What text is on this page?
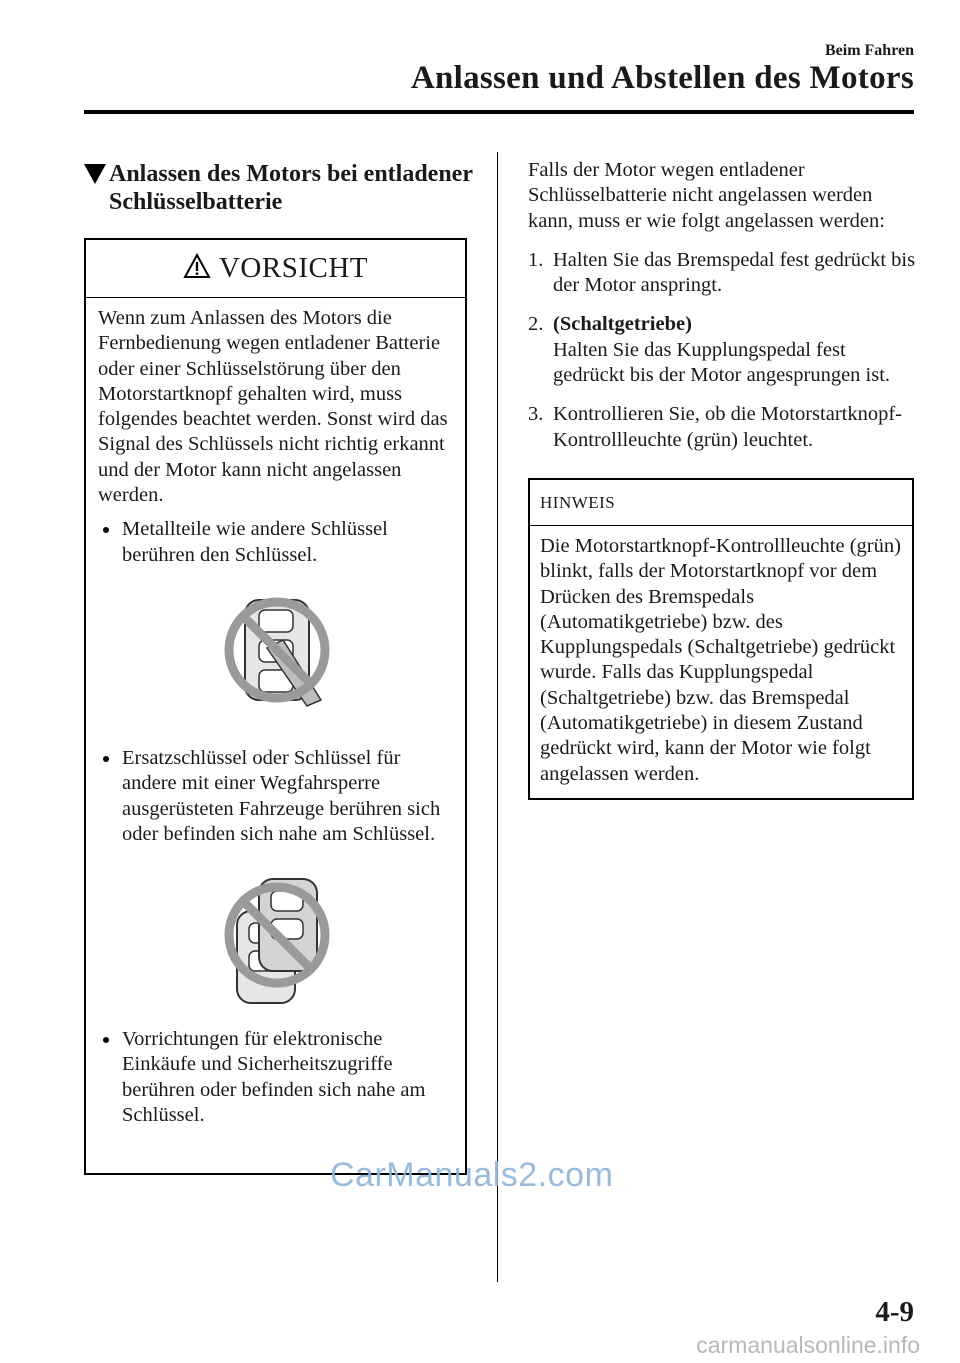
Beim Fahren
Anlassen und Abstellen des Motors
Anlassen des Motors bei entladener Schlüsselbatterie
VORSICHT

Wenn zum Anlassen des Motors die Fernbedienung wegen entladener Batterie oder einer Schlüsselstörung über den Motorstartknopf gehalten wird, muss folgendes beachtet werden. Sonst wird das Signal des Schlüssels nicht richtig erkannt und der Motor kann nicht angelassen werden.

Metallteile wie andere Schlüssel berühren den Schlüssel.
Ersatzschlüssel oder Schlüssel für andere mit einer Wegfahrsperre ausgerüsteten Fahrzeuge berühren sich oder befinden sich nahe am Schlüssel.
Vorrichtungen für elektronische Einkäufe und Sicherheitszugriffe berühren oder befinden sich nahe am Schlüssel.

Falls der Motor wegen entladener Schlüsselbatterie nicht angelassen werden kann, muss er wie folgt angelassen werden:

1. Halten Sie das Bremspedal fest gedrückt bis der Motor anspringt.
2. (Schaltgetriebe)
Halten Sie das Kupplungspedal fest gedrückt bis der Motor angesprungen ist.
3. Kontrollieren Sie, ob die Motorstartknopf-Kontrollleuchte (grün) leuchtet.
HINWEIS
Die Motorstartknopf-Kontrollleuchte (grün) blinkt, falls der Motorstartknopf vor dem Drücken des Bremspedals (Automatikgetriebe) bzw. des Kupplungspedals (Schaltgetriebe) gedrückt wurde. Falls das Kupplungspedal (Schaltgetriebe) bzw. das Bremspedal (Automatikgetriebe) in diesem Zustand gedrückt wird, kann der Motor wie folgt angelassen werden.
CarManuals2.com
4-9
carmanualsonline.info
